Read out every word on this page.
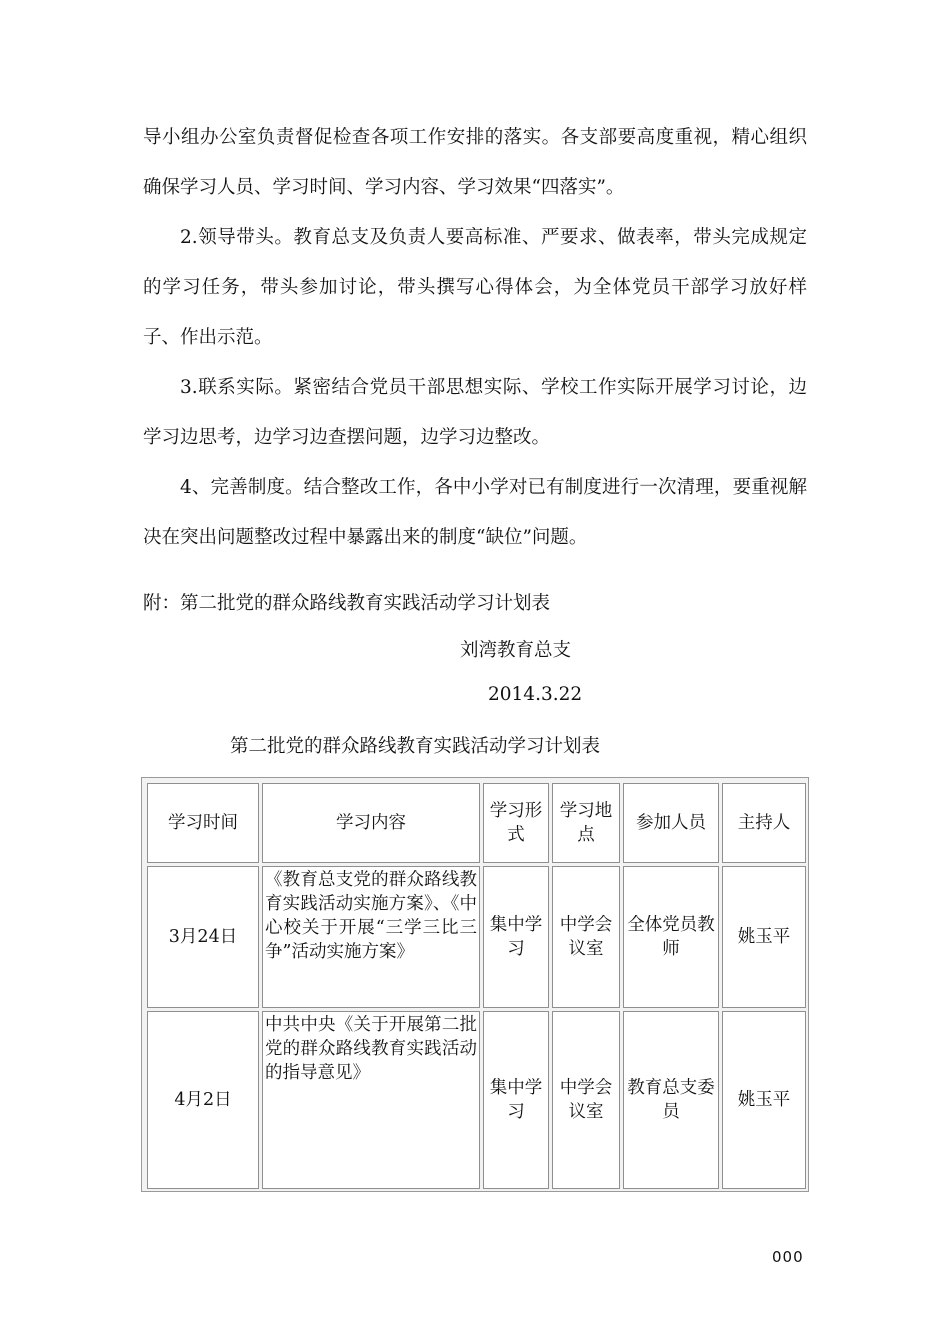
导小组办公室负责督促检查各项工作安排的落实。各支部要高度重视，精心组织确保学习人员、学习时间、学习内容、学习效果“四落实”。

2.领导带头。教育总支及负责人要高标准、严要求、做表率，带头完成规定的学习任务，带头参加讨论，带头撰写心得体会，为全体党员干部学习放好样子、作出示范。

3.联系实际。紧密结合党员干部思想实际、学校工作实际开展学习讨论，边学习边思考，边学习边查摆问题，边学习边整改。

4、完善制度。结合整改工作，各中小学对已有制度进行一次清理，要重视解决在突出问题整改过程中暴露出来的制度“缺位”问题。

附：第二批党的群众路线教育实践活动学习计划表
刘湾教育总支
2014.3.22
第二批党的群众路线教育实践活动学习计划表
学习时间	学习内容	学习形式	学习地点	参加人员	主持人
3月24日	《教育总支党的群众路线教育实践活动实施方案》、《中心校关于开展“三学三比三争”活动实施方案》	集中学习	中学会议室	全体党员教师	姚玉平
4月2日	中共中央《关于开展第二批党的群众路线教育实践活动的指导意见》	集中学习	中学会议室	教育总支委员	姚玉平
000
